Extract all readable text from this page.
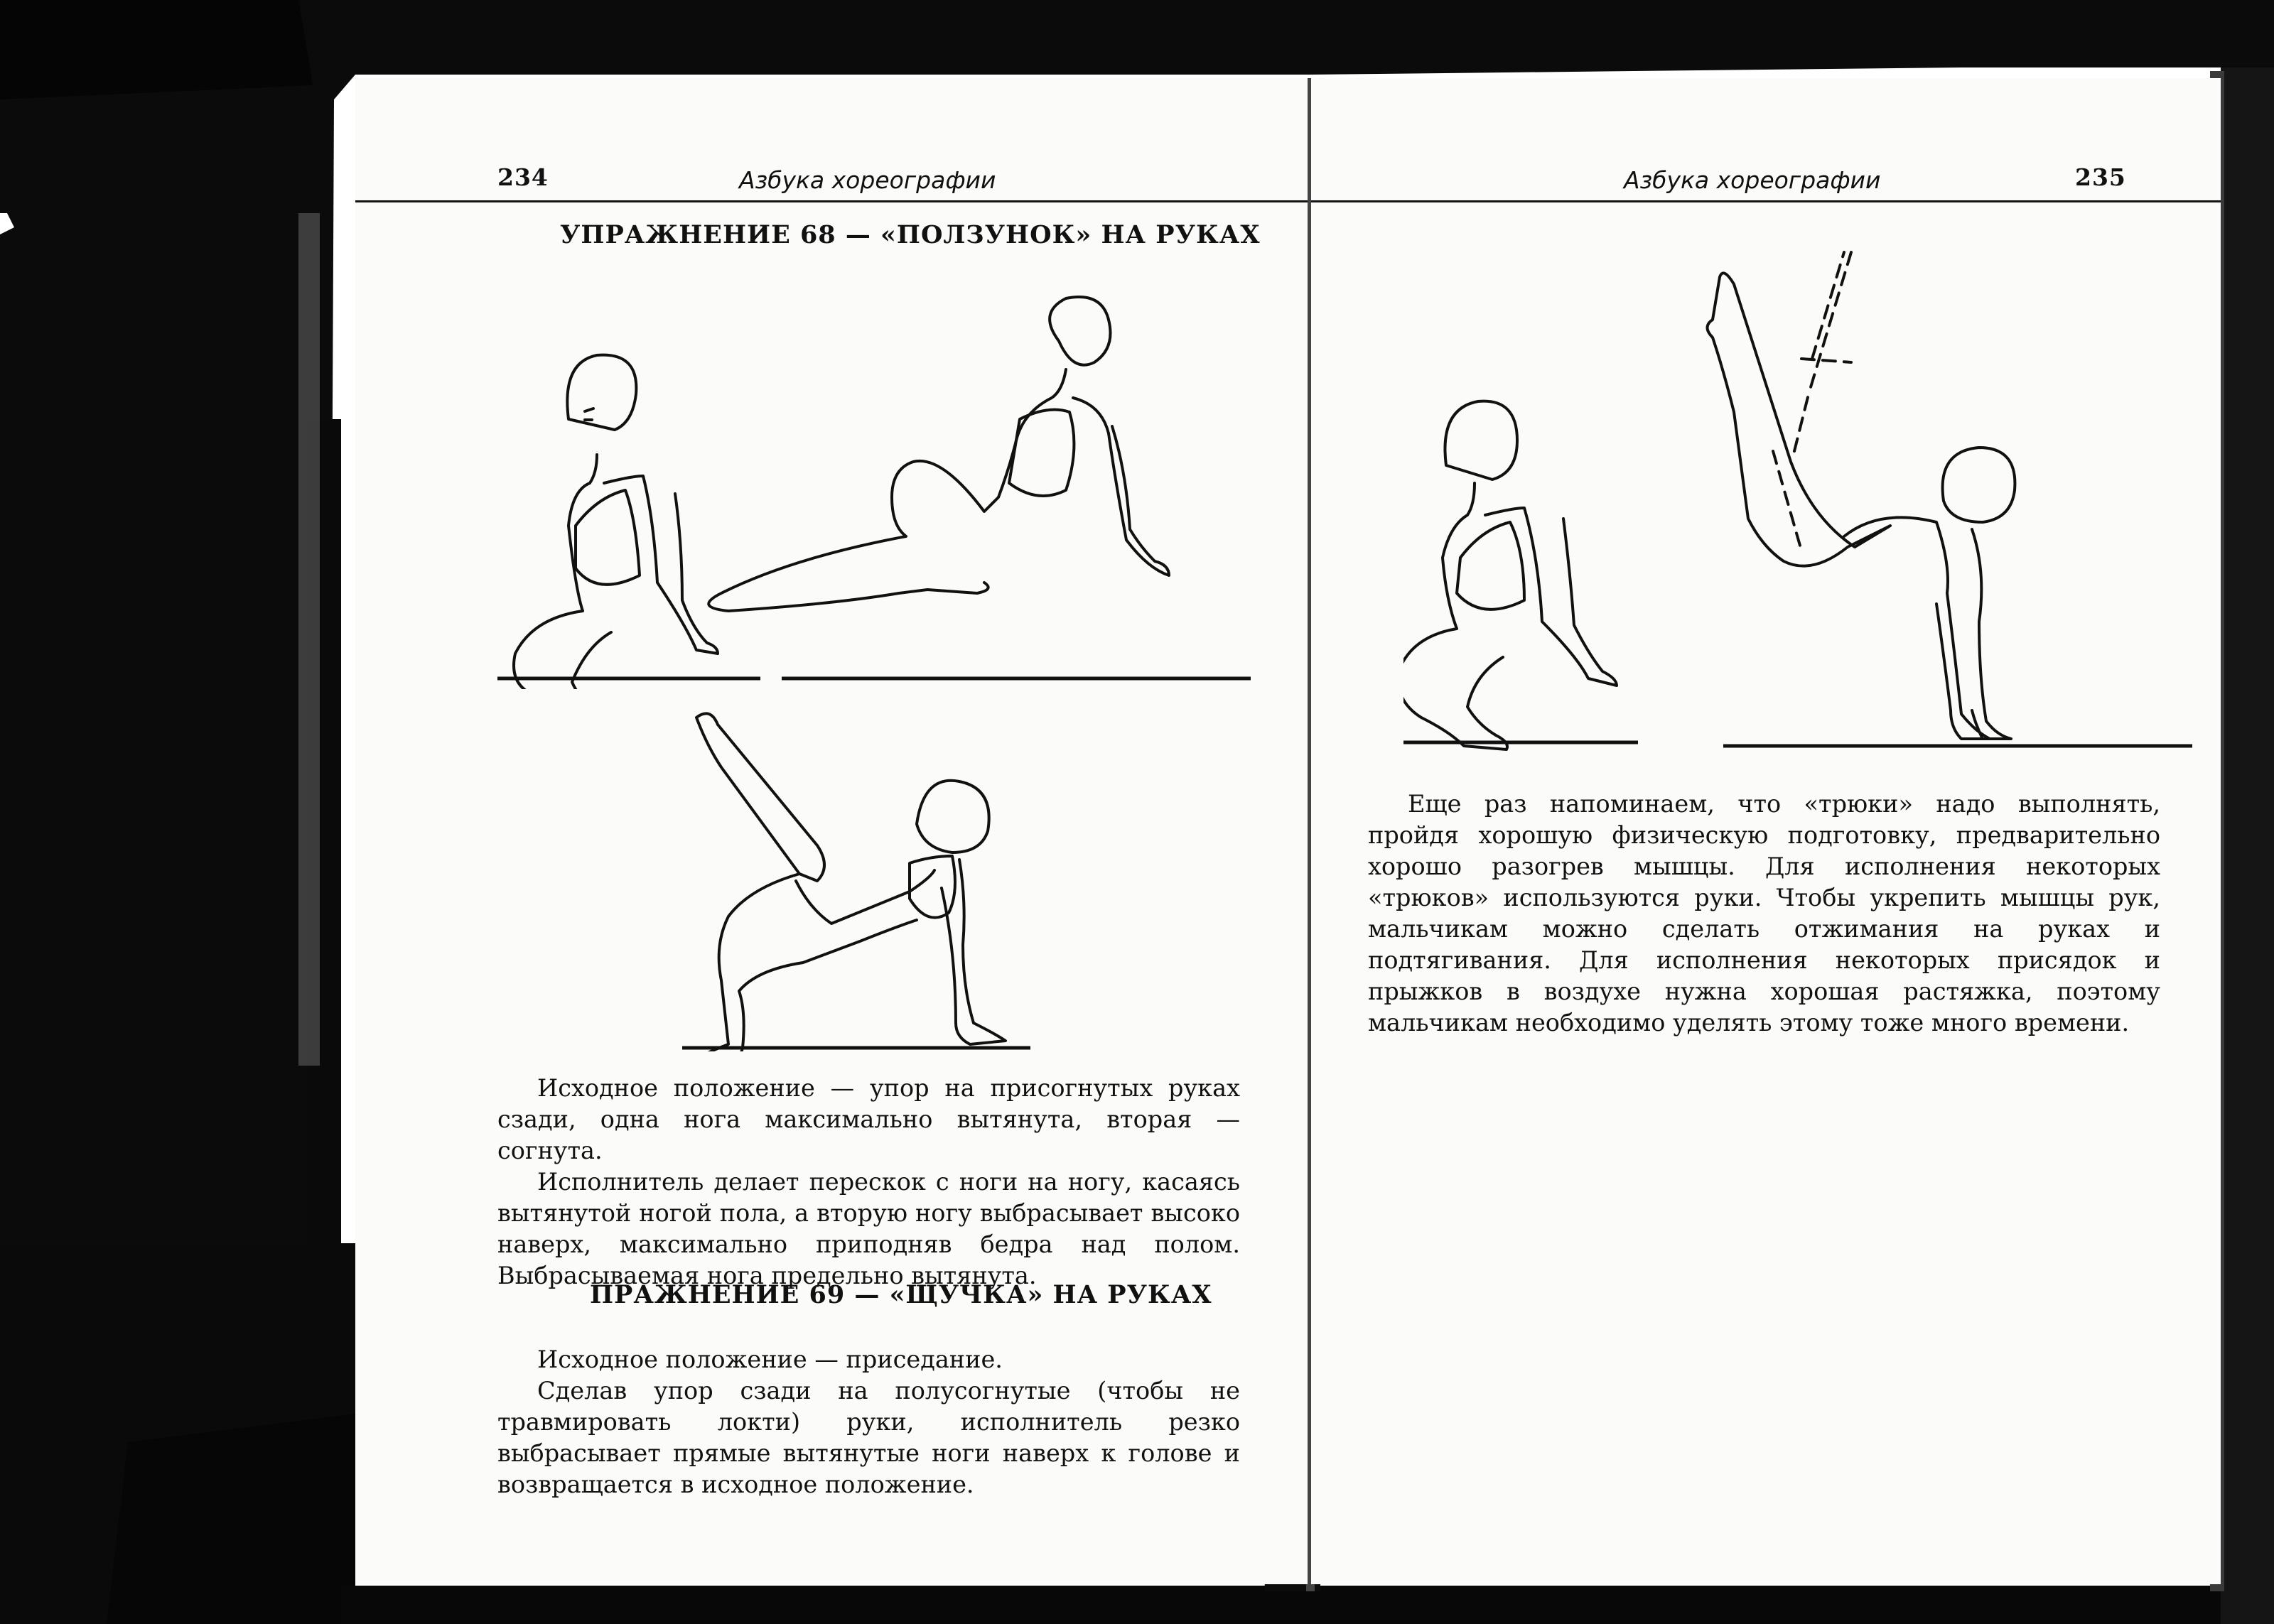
234	Азбука хореографии
УПРАЖНЕНИЕ 68 — «ПОЛЗУНОК» НА РУКАХ

Исходное положение — упор на присогнутых руках сзади, одна нога максимально вытянута, вторая — согнута.

Исполнитель делает перескок с ноги на ногу, касаясь вытянутой ногой пола, а вторую ногу выбрасывает высоко наверх, максимально приподняв бедра над полом. Выбрасываемая нога предельно вытянута.

ПРАЖНЕНИЕ 69 — «ЩУЧКА» НА РУКАХ

Исходное положение — приседание.

Сделав упор сзади на полусогнутые (чтобы не травмировать локти) руки, исполнитель резко выбрасывает прямые вытянутые ноги наверх к голове и возвращается в исходное положение.

Азбука хореографии	235

Еще раз напоминаем, что «трюки» надо выполнять, пройдя хорошую физическую подготовку, предварительно хорошо разогрев мышцы. Для исполнения некоторых «трюков» используются руки. Чтобы укрепить мышцы рук, мальчикам можно сделать отжимания на руках и подтягивания. Для исполнения некоторых присядок и прыжков в воздухе нужна хорошая растяжка, поэтому мальчикам необходимо уделять этому тоже много времени.
